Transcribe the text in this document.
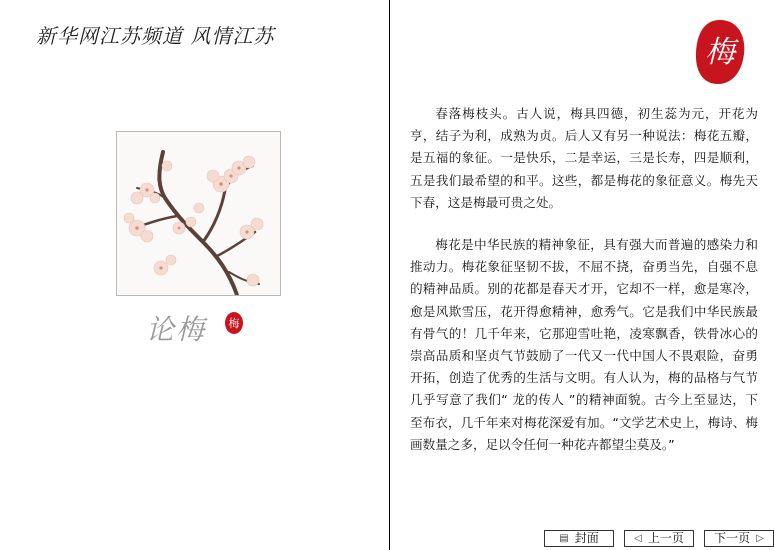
新华网江苏频道 风情江苏
论梅 梅
梅

春落梅枝头。古人说，梅具四德，初生蕊为元，开花为亨，结子为利，成熟为贞。后人又有另一种说法：梅花五瓣，是五福的象征。一是快乐，二是幸运，三是长寿，四是顺利，五是我们最希望的和平。这些，都是梅花的象征意义。梅先天下春，这是梅最可贵之处。

梅花是中华民族的精神象征，具有强大而普遍的感染力和推动力。梅花象征坚韧不拔，不屈不挠，奋勇当先，自强不息的精神品质。别的花都是春天才开，它却不一样，愈是寒冷，愈是风欺雪压，花开得愈精神，愈秀气。它是我们中华民族最有骨气的！几千年来，它那迎雪吐艳，凌寒飘香，铁骨冰心的崇高品质和坚贞气节鼓励了一代又一代中国人不畏艰险，奋勇开拓，创造了优秀的生活与文明。有人认为，梅的品格与气节几乎写意了我们“ 龙的传人 ”的精神面貌。古今上至显达，下至布衣，几千年来对梅花深爱有加。“文学艺术史上，梅诗、梅画数量之多，足以令任何一种花卉都望尘莫及。”

▤ 封面	◁ 上一页	下一页 ▷
